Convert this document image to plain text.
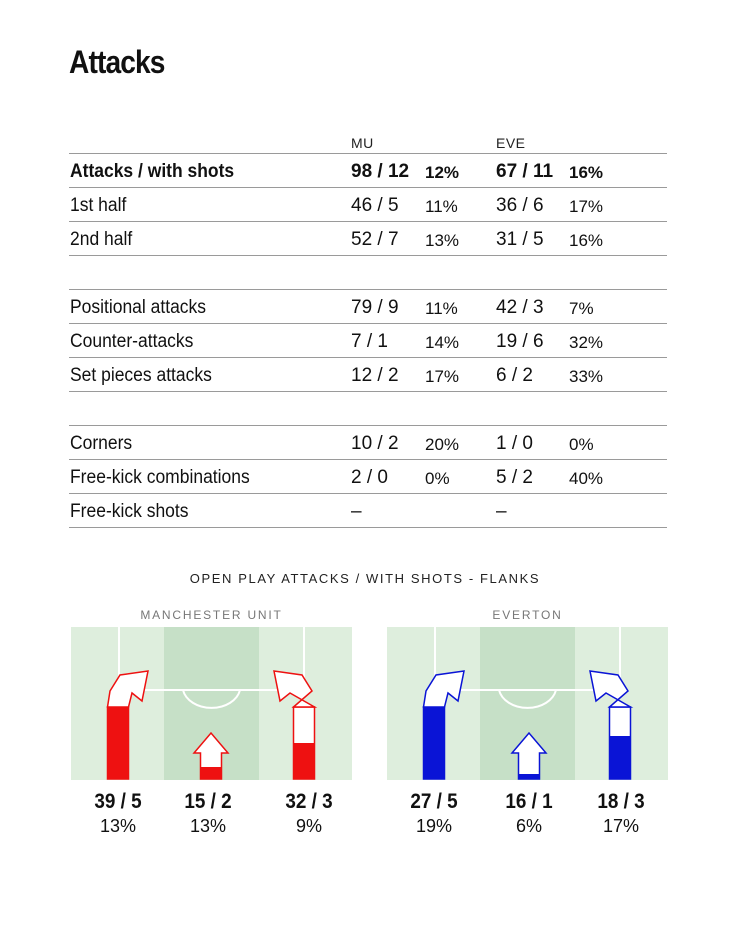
Attacks
MU	EVE
Attacks / with shots	98 / 12 12% 67 / 11 16%
1st half	46 / 5 11% 36 / 6 17%
2nd half	52 / 7 13% 31 / 5 16%
Positional attacks	79 / 9 11% 42 / 3 7%
Counter-attacks	7 / 1 14% 19 / 6 32%
Set pieces attacks	12 / 2 17% 6 / 2 33%
Corners	10 / 2 20% 1 / 0 0%
Free-kick combinations	2 / 0 0% 5 / 2 40%
Free-kick shots	–	–
OPEN PLAY ATTACKS / WITH SHOTS - FLANKS
MANCHESTER UNIT	EVERTON
39 / 5
13%
15 / 2
13%
32 / 3
9%
27 / 5
19%
16 / 1
6%
18 / 3
17%
